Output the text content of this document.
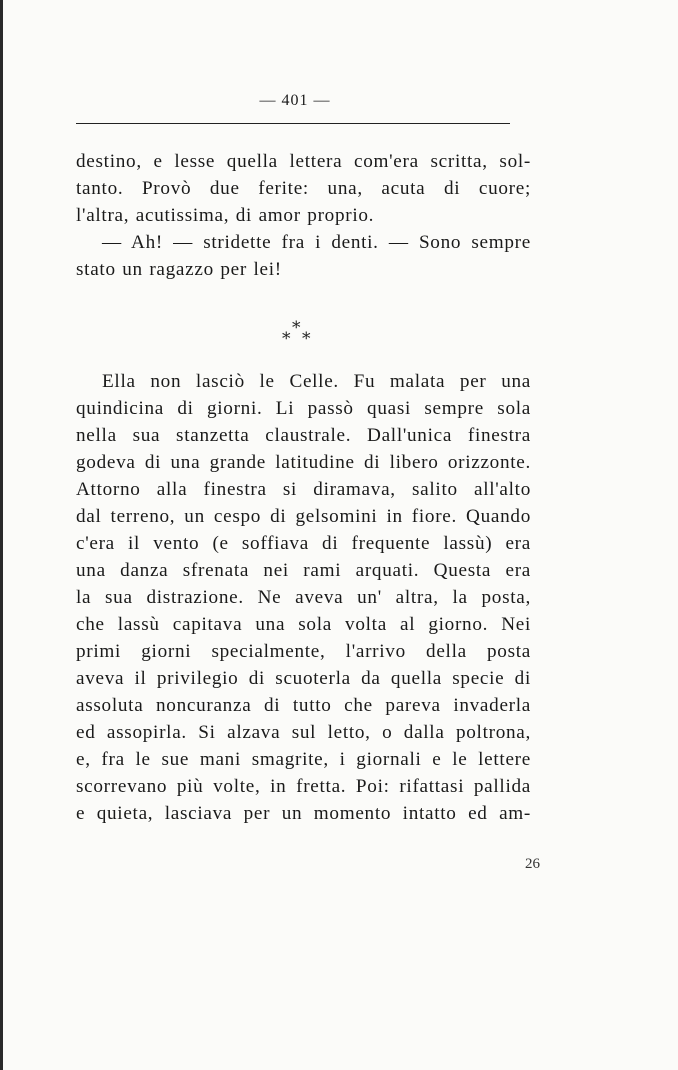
— 401 —
destino, e lesse quella lettera com'era scritta, sol-
tanto. Provò due ferite: una, acuta di cuore;
l'altra, acutissima, di amor proprio.
— Ah! — stridette fra i denti. — Sono sempre
stato un ragazzo per lei!
*
* *
Ella non lasciò le Celle. Fu malata per una
quindicina di giorni. Li passò quasi sempre sola
nella sua stanzetta claustrale. Dall'unica finestra
godeva di una grande latitudine di libero orizzonte.
Attorno alla finestra si diramava, salito all'alto
dal terreno, un cespo di gelsomini in fiore. Quando
c'era il vento (e soffiava di frequente lassù) era
una danza sfrenata nei rami arquati. Questa era
la sua distrazione. Ne aveva un' altra, la posta,
che lassù capitava una sola volta al giorno. Nei
primi giorni specialmente, l'arrivo della posta
aveva il privilegio di scuoterla da quella specie di
assoluta noncuranza di tutto che pareva invaderla
ed assopirla. Si alzava sul letto, o dalla poltrona,
e, fra le sue mani smagrite, i giornali e le lettere
scorrevano più volte, in fretta. Poi: rifattasi pallida
e quieta, lasciava per un momento intatto ed am-
26
